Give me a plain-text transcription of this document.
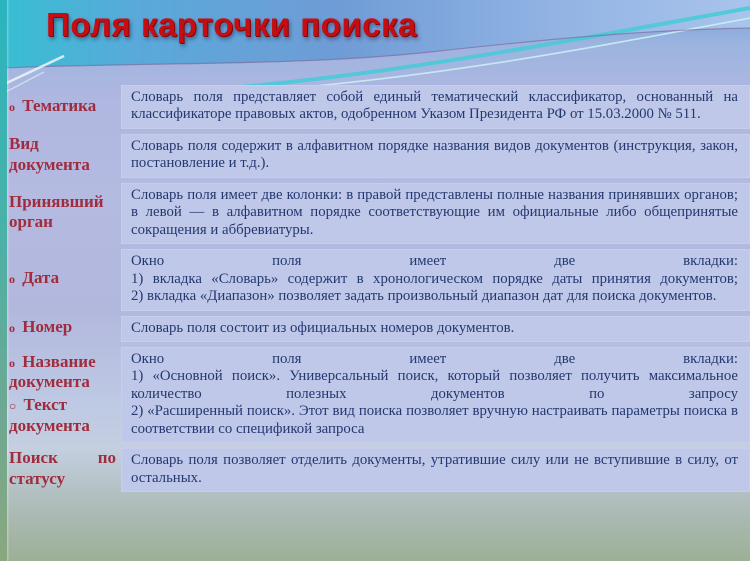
Поля карточки поиска
о Тематика	Словарь поля представляет собой единый тематический классификатор, основанный на классификаторе правовых актов, одобренном Указом Президента РФ от 15.03.2000 № 511.
Вид документа
Словарь поля содержит в алфавитном порядке названия видов документов (инструкция, закон, постановление и т.д.).
Принявший орган
Словарь поля имеет две колонки: в правой представлены полные названия принявших органов; в левой — в алфавитном порядке соответствующие им официальные либо общепринятые сокращения и аббревиатуры.
о Дата
Окно поля имеет две вкладки:
1) вкладка «Словарь» содержит в хронологическом порядке даты принятия документов;
2) вкладка «Диапазон» позволяет задать произвольный диапазон дат для поиска документов.
о Номер	Словарь поля состоит из официальных номеров документов.
о Название документа
○ Текст документа
Окно поля имеет две вкладки:
1) «Основной поиск». Универсальный поиск, который позволяет получить максимальное количество полезных документов по запросу
2) «Расширенный поиск». Этот вид поиска позволяет вручную настраивать параметры поиска в соответствии со спецификой запроса
Поиск по статусу
Словарь поля позволяет отделить документы, утратившие силу или не вступившие в силу, от остальных.
